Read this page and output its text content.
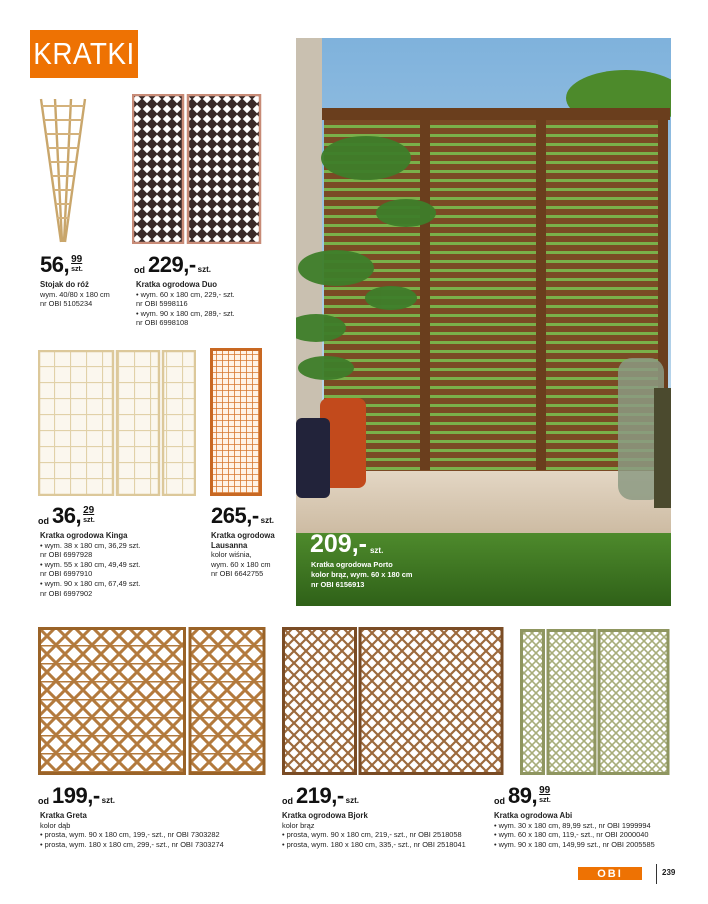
KRATKI
56, 99
szt.
Stojak do róż
wym. 40/80 x 180 cm
nr OBI 5105234
od 229,- szt.
Kratka ogrodowa Duo
• wym. 60 x 180 cm, 229,- szt.
nr OBI 5998116
• wym. 90 x 180 cm, 289,- szt.
nr OBI 6998108
od 36, 29
szt.
Kratka ogrodowa Kinga
• wym. 38 x 180 cm, 36,29 szt.
nr OBI 6997928
• wym. 55 x 180 cm, 49,49 szt.
nr OBI 6997910
• wym. 90 x 180 cm, 67,49 szt.
nr OBI 6997902
265,- szt.
Kratka ogrodowa
Lausanna
kolor wiśnia,
wym. 60 x 180 cm
nr OBI 6642755
209,- szt.
Kratka ogrodowa Porto
kolor brąz, wym. 60 x 180 cm
nr OBI 6156913
od 199,- szt.
Kratka Greta
kolor dąb
• prosta, wym. 90 x 180 cm, 199,- szt., nr OBI 7303282
• prosta, wym. 180 x 180 cm, 299,- szt., nr OBI 7303274
od 219,- szt.
Kratka ogrodowa Bjork
kolor brąz
• prosta, wym. 90 x 180 cm, 219,- szt., nr OBI 2518058
• prosta, wym. 180 x 180 cm, 335,- szt., nr OBI 2518041
od 89, 99
szt.
Kratka ogrodowa Abi
• wym. 30 x 180 cm, 89,99 szt., nr OBI 1999994
• wym. 60 x 180 cm, 119,- szt., nr OBI 2000040
• wym. 90 x 180 cm, 149,99 szt., nr OBI 2005585
OBI	239
